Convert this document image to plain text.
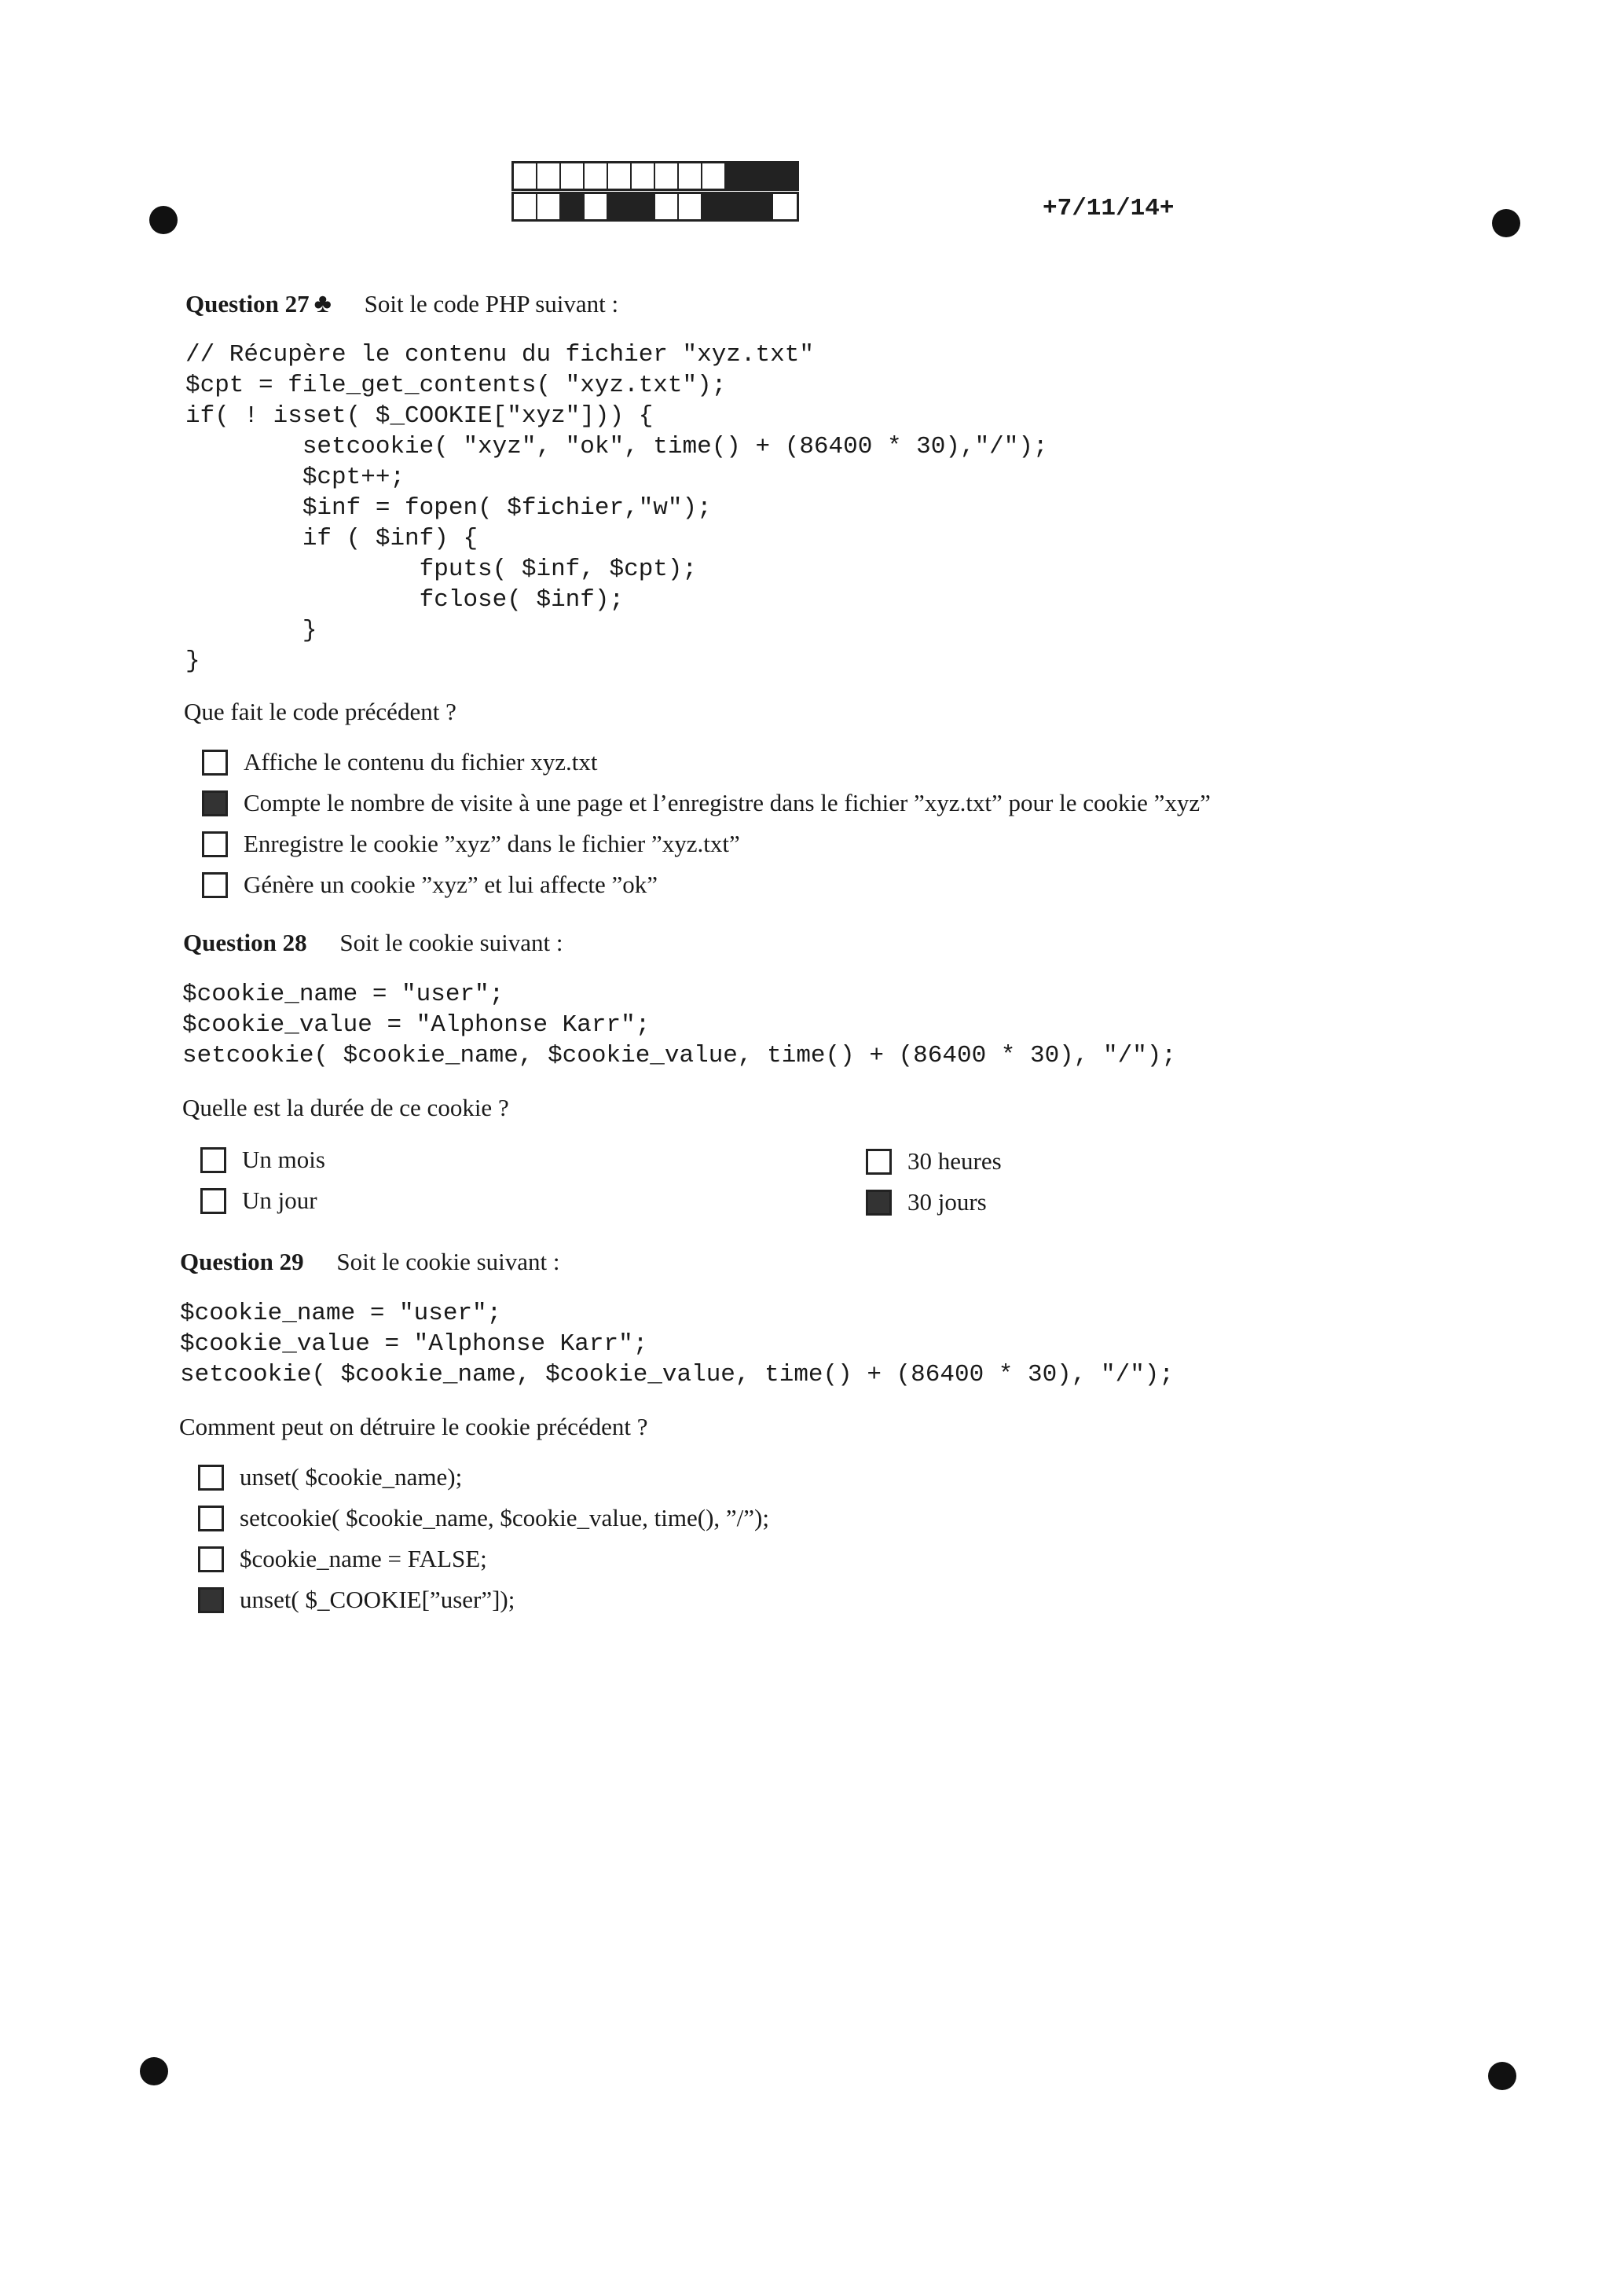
+7/11/14+
Question 27 ♣ Soit le code PHP suivant :
// Récupère le contenu du fichier "xyz.txt"
$cpt = file_get_contents( "xyz.txt");
if( ! isset( $_COOKIE["xyz"])) {
setcookie( "xyz", "ok", time() + (86400 * 30),"/");
$cpt++;
$inf = fopen( $fichier,"w");
if ( $inf) {
fputs( $inf, $cpt);
fclose( $inf);
}
}
Que fait le code précédent ?
Affiche le contenu du fichier xyz.txt
Compte le nombre de visite à une page et l’enregistre dans le fichier ”xyz.txt” pour le cookie ”xyz”
Enregistre le cookie ”xyz” dans le fichier ”xyz.txt”
Génère un cookie ”xyz” et lui affecte ”ok”
Question 28 Soit le cookie suivant :
$cookie_name = "user";
$cookie_value = "Alphonse Karr";
setcookie( $cookie_name, $cookie_value, time() + (86400 * 30), "/");
Quelle est la durée de ce cookie ?
Un mois
Un jour
30 heures
30 jours
Question 29 Soit le cookie suivant :
$cookie_name = "user";
$cookie_value = "Alphonse Karr";
setcookie( $cookie_name, $cookie_value, time() + (86400 * 30), "/");
Comment peut on détruire le cookie précédent ?
unset( $cookie_name);
setcookie( $cookie_name, $cookie_value, time(), ”/”);
$cookie_name = FALSE;
unset( $_COOKIE[”user”]);
